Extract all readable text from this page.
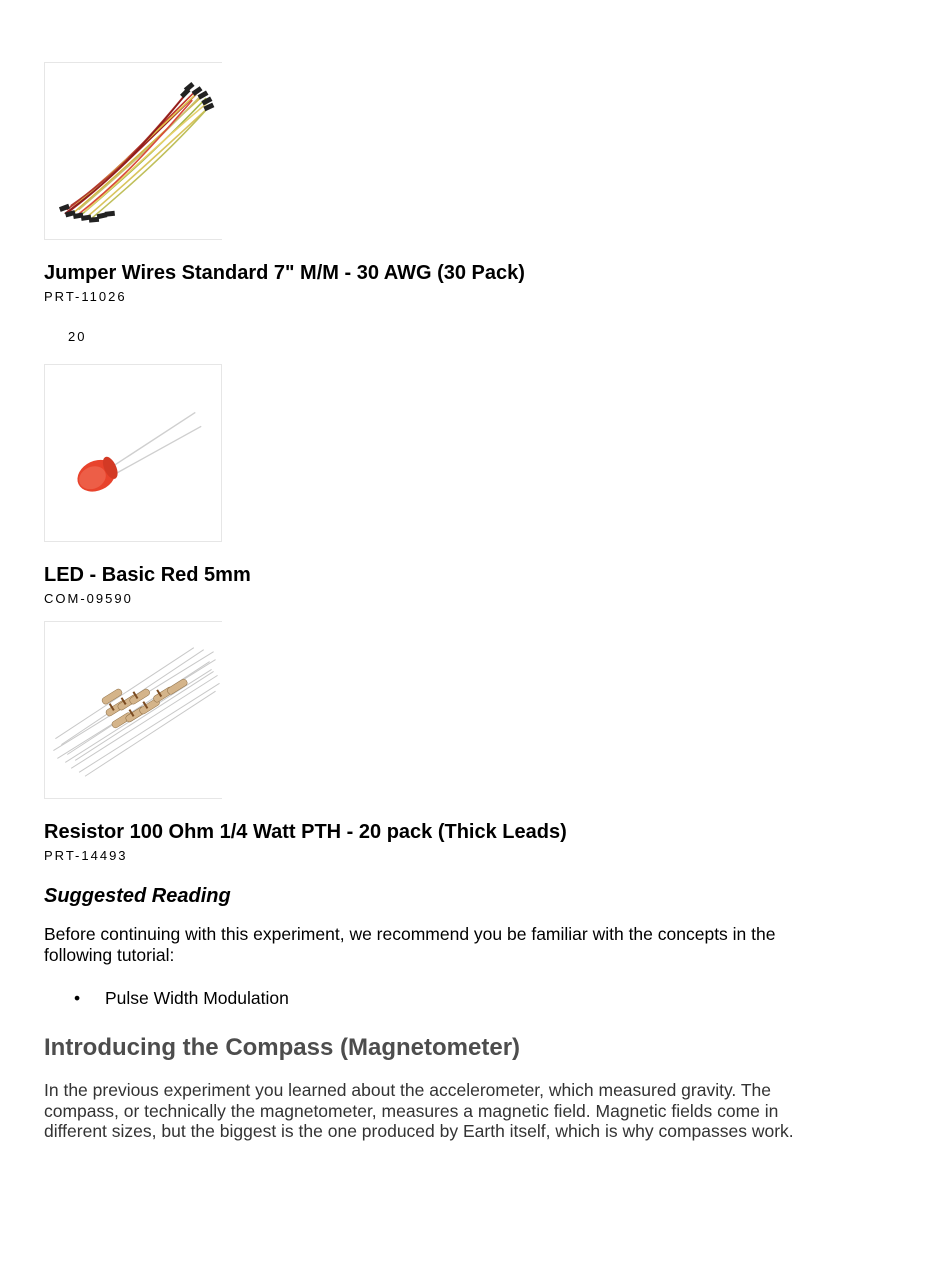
Jumper Wires Standard 7" M/M - 30 AWG (30 Pack)

PRT-11026

20

LED - Basic Red 5mm

COM-09590

Resistor 100 Ohm 1/4 Watt PTH - 20 pack (Thick Leads)

PRT-14493

Suggested Reading

Before continuing with this experiment, we recommend you be familiar with the concepts in the following tutorial:

• Pulse Width Modulation
Introducing the Compass (Magnetometer)

In the previous experiment you learned about the accelerometer, which measured gravity. The compass, or technically the magnetometer, measures a magnetic field. Magnetic fields come in different sizes, but the biggest is the one produced by Earth itself, which is why compasses work.
